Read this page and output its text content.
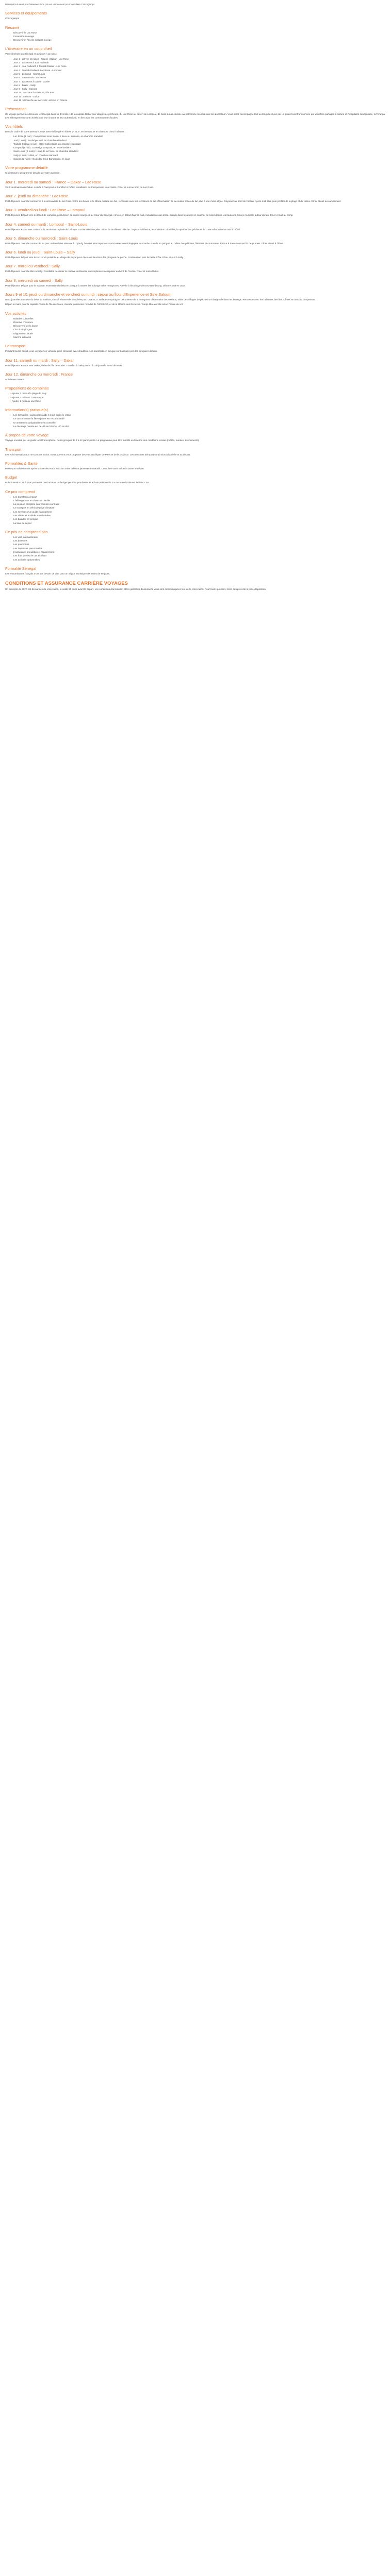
Description à venir prochainement ! Ce prix est uniquement pour formulaire Conzugamps

Services et équipements

Conzugamps

Résumé
• Découvrir le Lac Rose
• Immersion sauvage
• Découvrir et l'Excès incluant la poge
L'itinéraire en un coup d'œil

Votre itinéraire au Sénégal en 12 jours / 11 nuits :

• Jour 1 : arrivée et nuitée : France / Dakar - Lac Rose
• Jour 2 : Lac Rose à Joal Fadiouth
• Jour 3 : Joal Fadiouth à Toubab Dialaw - Lac Rose
• Jour 4 : Toubab Dialaw à Lac Rose - Lompoul
• Jour 5 : Lompoul - Saint-Louis
• Jour 6 : Saint-Louis - Lac Rose
• Jour 7 : Lac Rose à Dakar - Gorée
• Jour 8 : Dakar - Sally
• Jour 9 : Sally - Saloum
• Jour 10 : au cœur du Saloum, à la mer
• Jour 11 : Saloum - Dakar
• Jour 12 : dimanche au mercredi : arrivée en France
Présentation

Ce voyage permet de découvrir le Sénégal dans sa diversité : de la capitale Dakar aux villages de pêcheurs, du Lac Rose au désert de Lompoul, de Saint-Louis classée au patrimoine mondial aux îles du Saloum. Vous serez accompagné tout au long du séjour par un guide local francophone qui vous fera partager la culture et l'hospitalité sénégalaise, la Teranga. Les hébergements sont choisis pour leur charme et leur authenticité, en lien avec les communautés locales.

Vos hôtels

Dans le cadre de votre aventure, vous serez hébergé en hôtels 2* et 3*, en bivouac et en chambre chez l'habitant :

• Lac Rose (1 nuit) : Campement Keur Salim, 2 lieux ou similaire, en chambre standard
• Joal (1 nuit) : Ecolodge Joal, en chambre standard
• Toubab Dialaw (1 nuit) : Hôtel Sobo Badè, en chambre standard
• Lompoul (1 nuit) : Ecolodge Lompoul, en tente berbère
• Saint-Louis (2 nuits) : Hôtel de la Poste, en chambre standard
• Sally (1 nuit) : Hôtel, en chambre standard
• Saloum (2 nuits) : Écolodge Keur Bamboung, en case
Votre programme détaillé

Ci-dessous le programme détaillé de votre aventure.

Jour 1. mercredi ou samedi : France – Dakar – Lac Rose

Vol à destination de Dakar. Arrivée à l'aéroport et transfert à l'hôtel. Installation au Campement Keur Salim. Dîner et nuit au bord du Lac Rose.

Jour 2. jeudi ou dimanche : Lac Rose

Petit déjeuner. Journée consacrée à la découverte du lac Rose. Entre les dunes et le littoral, balade en 4x4, rencontre avec les récolteurs de sel. Observation de la couleur rosée du lac, due à une micro-algue. Déjeuner au bord de l'océan. Après-midi libre pour profiter de la plage et du calme. Dîner et nuit au campement.

Jour 3. vendredi ou lundi : Lac Rose – Lompoul

Petit déjeuner. Départ vers le désert de Lompoul, petit désert de dunes orangées au cœur du Sénégal. Arrivée en début d'après-midi, installation sous tente. Balade dans les dunes et coucher de soleil depuis les hauteurs. Soirée musicale autour du feu. Dîner et nuit au camp.

Jour 4. samedi ou mardi : Lompoul – Saint-Louis

Petit déjeuner. Route vers Saint-Louis, ancienne capitale de l'Afrique occidentale française. Visite de la ville en calèche : le pont Faidherbe, les maisons coloniales, le quartier des pêcheurs de Guet Ndar. Dîner et nuit à l'hôtel.

Jour 5. dimanche ou mercredi : Saint-Louis

Petit déjeuner. Journée consacrée au parc national des oiseaux du Djoudj, l'un des plus importants sanctuaires ornithologiques au monde. Balade en pirogue au milieu des pélicans, flamants et cormorans. Retour à Saint-Louis en fin de journée. Dîner et nuit à l'hôtel.

Jour 6. lundi ou jeudi : Saint-Louis – Sally

Petit déjeuner. Départ vers le sud. Arrêt possible au village de Kayar pour découvrir le retour des pirogues de pêche. Continuation vers la Petite Côte. Dîner et nuit à Sally.

Jour 7. mardi ou vendredi : Sally

Petit déjeuner. Journée libre à Sally. Possibilité de visiter la réserve de Bandia, ou simplement se reposer au bord de l'océan. Dîner et nuit à l'hôtel.

Jour 8. mercredi ou samedi : Sally

Petit déjeuner. Départ pour le Saloum. Traversée du delta en pirogue à travers les bolongs et les mangroves. Arrivée à l'écolodge de Keur Bamboung. Dîner et nuit en case.

Jours 9 et 10. jeudi ou dimanche et vendredi ou lundi : séjour au Îlots d'Experience et Sine Saloum

Deux journées au cœur du delta du Saloum, classé réserve de biosphère par l'UNESCO. Balades en pirogue, découverte de la mangrove, observation des oiseaux, visite des villages de pêcheurs et baignade dans les bolongs. Rencontre avec les habitants des îles. Dîners et nuits au campement.

Départ le matin pour la capitale. Visite de l'île de Gorée, classée patrimoine mondial de l'UNESCO, et de la Maison des Esclaves. Temps libre en ville selon l'heure du vol.

Vos activités
• Balades culturelles
• Réserve d'oiseaux
• Découverte de la faune
• Circuit en pirogue
• Dégustation locale
• Marché artisanal
Le transport

Pendant tout le circuit, vous voyagez en véhicule privé climatisé avec chauffeur. Les transferts en pirogue sont assurés par des piroguiers locaux.

Jour 11. samedi ou mardi : Sally – Dakar

Petit déjeuner. Retour vers Dakar, visite de l'île de Gorée. Transfert à l'aéroport en fin de journée et vol de retour.

Jour 12. dimanche ou mercredi : France

Arrivée en France.

Propositions de combinés
‣ Ajouter 3 nuits à la plage de Saly
‣ Ajouter 4 nuits en Casamance
‣ Ajouter 2 nuits au Lac Rose
Information(s) pratique(s)
• Les formalités : passeport valide 6 mois après le retour
• Le vaccin contre la fièvre jaune est recommandé
• Un traitement antipaludéen est conseillé
• Le décalage horaire est de -1h en hiver et -2h en été
À propos de votre voyage

Voyage encadré par un guide local francophone. Petits groupes de 4 à 12 participants. Le programme peut être modifié en fonction des conditions locales (météo, marées, événements).

Transport

Les vols internationaux ne sont pas inclus. Nous pouvons vous proposer des vols au départ de Paris et de la province. Les transferts aéroport sont inclus à l'arrivée et au départ.

Formalités & Santé

Passeport valide 6 mois après la date de retour. Vaccin contre la fièvre jaune recommandé. Consultez votre médecin avant le départ.

Budget

Prévoir environ 15 à 25 € par repas non inclus et un budget pour les pourboires et achats personnels. La monnaie locale est le franc CFA.

Ce prix comprend
• Les transferts aéroport
• L'hébergement en chambre double
• La pension complète sauf mention contraire
• Le transport en véhicule privé climatisé
• Les services d'un guide francophone
• Les visites et activités mentionnées
• Les balades en pirogue
• La taxe de séjour
Ce prix ne comprend pas
• Les vols internationaux
• Les boissons
• Les pourboires
• Les dépenses personnelles
• L'assurance annulation et rapatriement
• Les frais de visa le cas échéant
• Les activités optionnelles
Formalité Sénégal

Les ressortissants français n'ont pas besoin de visa pour un séjour touristique de moins de 90 jours.

CONDITIONS ET ASSURANCE CARRIÈRE VOYAGES

Un acompte de 30 % est demandé à la réservation, le solde 30 jours avant le départ. Les conditions d'annulation et les garanties d'assurance vous sont communiquées lors de la réservation. Pour toute question, notre équipe reste à votre disposition.
